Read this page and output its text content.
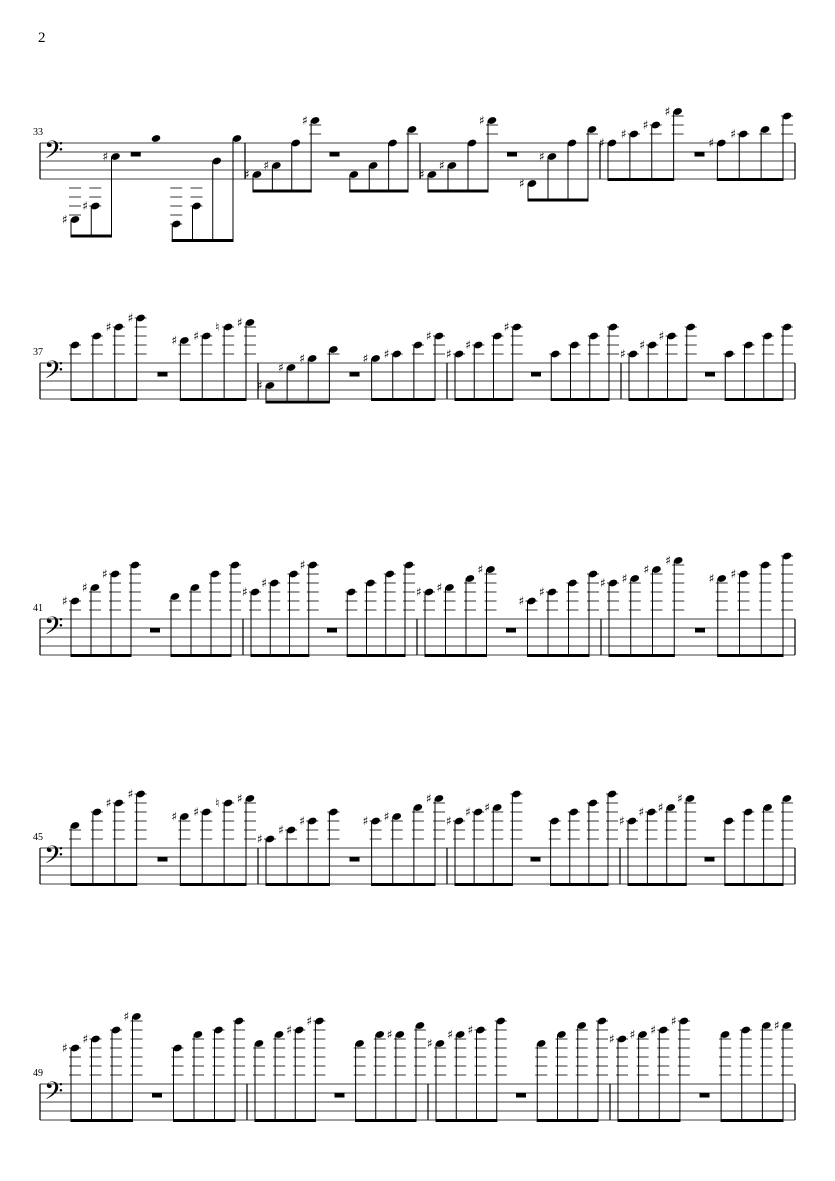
2
33
37
41
45
49
𝄢
♯
♯
♯
♯
♯
♯
♯
♯
♯
♯
♯
♯
♯
♯
♯
♯
♯
𝄢
♯
♯
♯ ♯
♮ ♯
♯
♯
♯	♯ ♯
♯
♯
♯
♯
♯
♯
♯
𝄢
♯
♯
♯
♯
♯
♯
♯ ♯
♯
♯
♯
♯ ♯
♯
♯
♯ ♯
𝄢
♯
♯
♯ ♯
♮ ♯
♯
♯
♯	♯ ♯
♯
♯
♯ ♯
♯
♯ ♯
♯
𝄢
♯
♯
♯
♯
♯
♯
♯
♯ ♯
♯ ♯ ♯
♯	♯
